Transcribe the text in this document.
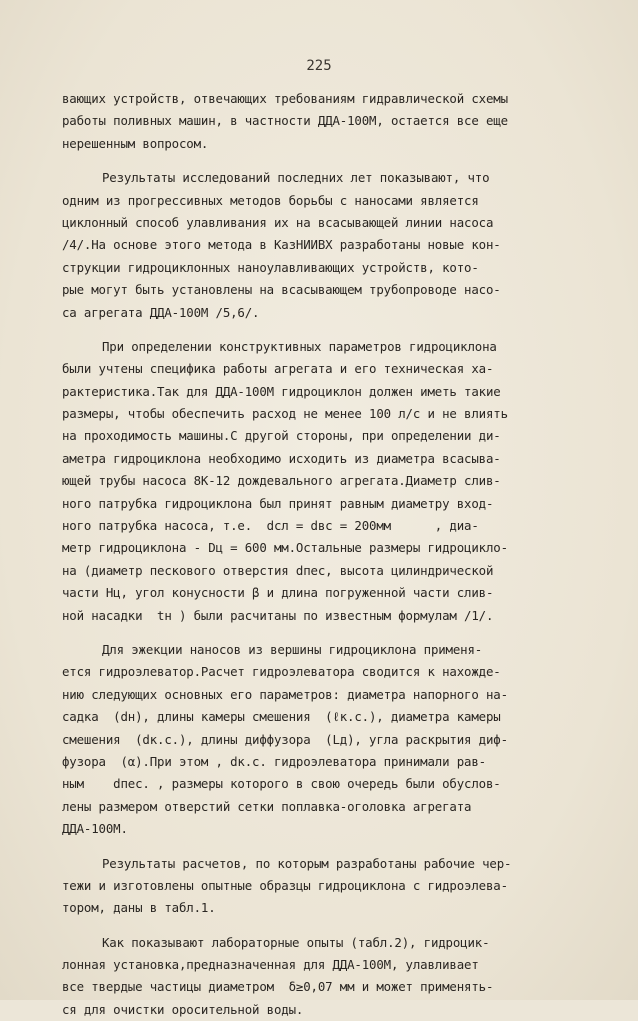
225
вающих устройств, отвечающих требованиям гидравлической схемы
работы поливных машин, в частности ДДА-100М, остается все еще
нерешенным вопросом.
Результаты исследований последних лет показывают, что
одним из прогрессивных методов борьбы с наносами является
циклонный способ улавливания их на всасывающей линии насоса
/4/.На основе этого метода в КазНИИВХ разработаны новые кон-
струкции гидроциклонных наноулавливающих устройств, кото-
рые могут быть установлены на всасывающем трубопроводе насо-
са агрегата ДДА-100М /5,6/.
При определении конструктивных параметров гидроциклона
были учтены специфика работы агрегата и его техническая ха-
рактеристика.Так для ДДА-100М гидроциклон должен иметь такие
размеры, чтобы обеспечить расход не менее 100 л/с и не влиять
на проходимость машины.С другой стороны, при определении ди-
аметра гидроциклона необходимо исходить из диаметра всасыва-
ющей трубы насоса 8К-12 дождевального агрегата.Диаметр слив-
ного патрубка гидроциклона был принят равным диаметру вход-
ного патрубка насоса, т.е.  dсл = dвс = 200мм      , диа-
метр гидроциклона - Dц = 600 мм.Остальные размеры гидроцикло-
на (диаметр пескового отверстия dпес, высота цилиндрической
части Нц, угол конусности β и длина погруженной части слив-
ной насадки  tн ) были расчитаны по известным формулам /1/.
Для эжекции наносов из вершины гидроциклона применя-
ется гидроэлеватор.Расчет гидроэлеватора сводится к нахожде-
нию следующих основных его параметров: диаметра напорного на-
садка  (dн), длины камеры смешения  (ℓк.с.), диаметра камеры
смешения  (dк.с.), длины диффузора  (Lд), угла раскрытия диф-
фузора  (α).При этом , dк.с. гидроэлеватора принимали рав-
ным    dпес. , размеры которого в свою очередь были обуслов-
лены размером отверстий сетки поплавка-оголовка агрегата
ДДА-100М.
Результаты расчетов, по которым разработаны рабочие чер-
тежи и изготовлены опытные образцы гидроциклона с гидроэлева-
тором, даны в табл.1.
Как показывают лабораторные опыты (табл.2), гидроцик-
лонная установка,предназначенная для ДДА-100М, улавливает
все твердые частицы диаметром  δ≥0,07 мм и может применять-
ся для очистки оросительной воды.
